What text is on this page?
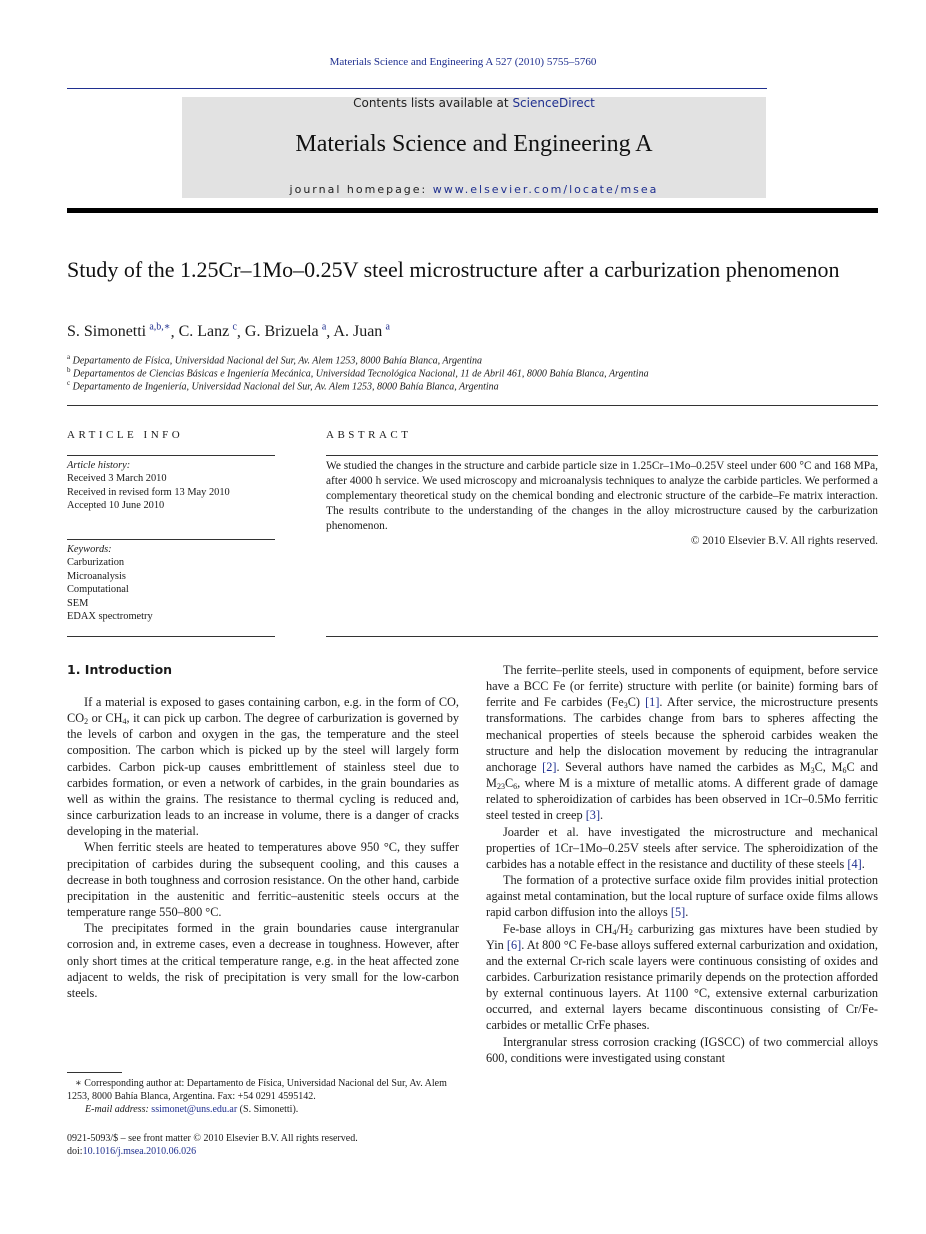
Materials Science and Engineering A 527 (2010) 5755–5760
Contents lists available at ScienceDirect
Materials Science and Engineering A
journal homepage: www.elsevier.com/locate/msea
Study of the 1.25Cr–1Mo–0.25V steel microstructure after a carburization phenomenon
S. Simonetti  $^{a,b,∗}$, C. Lanz  $^c$, G. Brizuela  $^a$, A. Juan  $^a$
$^a$ Departamento de Física, Universidad Nacional del Sur, Av. Alem 1253, 8000 Bahía Blanca, Argentina
$^b$ Departamentos de Ciencias Básicas e Ingeniería Mecánica, Universidad Tecnológica Nacional, 11 de Abril 461, 8000 Bahía Blanca, Argentina
$^c$ Departamento de Ingeniería, Universidad Nacional del Sur, Av. Alem 1253, 8000 Bahía Blanca, Argentina
ARTICLE INFO
Article history:
Received 3 March 2010
Received in revised form 13 May 2010
Accepted 10 June 2010
Keywords:
Carburization
Microanalysis
Computational
SEM
EDAX spectrometry
ABSTRACT
We studied the changes in the structure and carbide particle size in 1.25Cr–1Mo–0.25V steel under 600 °C and 168 MPa, after 4000 h service. We used microscopy and microanalysis techniques to analyze the carbide particles. We performed a complementary theoretical study on the chemical bonding and electronic structure of the carbide–Fe matrix interaction. The results contribute to the understanding of the changes in the alloy microstructure caused by the carburization phenomenon.
© 2010 Elsevier B.V. All rights reserved.
1. Introduction

If a material is exposed to gases containing carbon, e.g. in the form of CO, $CO_2$ or $CH_4$, it can pick up carbon. The degree of carburization is governed by the levels of carbon and oxygen in the gas, the temperature and the steel composition. The carbon which is picked up by the steel will largely form carbides. Carbon pick-up causes embrittlement of stainless steel due to carbides formation, or even a network of carbides, in the grain boundaries as well as within the grains. The resistance to thermal cycling is reduced and, since carburization leads to an increase in volume, there is a danger of cracks developing in the material.

When ferritic steels are heated to temperatures above 950 °C, they suffer precipitation of carbides during the subsequent cooling, and this causes a decrease in both toughness and corrosion resistance. On the other hand, carbide precipitation in the austenitic and ferritic–austenitic steels occurs at the temperature range 550–800 °C.

The precipitates formed in the grain boundaries cause intergranular corrosion and, in extreme cases, even a decrease in toughness. However, after only short times at the critical temperature range, e.g. in the heat affected zone adjacent to welds, the risk of precipitation is very small for the low-carbon steels.

The ferrite–perlite steels, used in components of equipment, before service have a BCC Fe (or ferrite) structure with perlite (or bainite) forming bars of ferrite and Fe carbides $(Fe_3C)$ [1]. After service, the microstructure presents transformations. The carbides change from bars to spheres affecting the mechanical properties of steels because the spheroid carbides weaken the structure and help the dislocation movement by reducing the intragranular anchorage [2]. Several authors have named the carbides as $M_3C$, $M_6C$ and $M_{23}C_6$, where M is a mixture of metallic atoms. A different grade of damage related to spheroidization of carbides has been observed in 1Cr–0.5Mo ferritic steel tested in creep [3].

Joarder et al. have investigated the microstructure and mechanical properties of 1Cr–1Mo–0.25V steels after service. The spheroidization of the carbides has a notable effect in the resistance and ductility of these steels [4].

The formation of a protective surface oxide film provides initial protection against metal contamination, but the local rupture of surface oxide films allows rapid carbon diffusion into the alloys [5].

Fe-base alloys in $CH_4/H_2$ carburizing gas mixtures have been studied by Yin [6]. At 800 °C Fe-base alloys suffered external carburization and oxidation, and the external Cr-rich scale layers were continuous consisting of oxides and carbides. Carburization resistance primarily depends on the protection afforded by external continuous layers. At 1100 °C, extensive external carburization occurred, and external layers became discontinuous consisting of Cr/Fe-carbides or metallic CrFe phases.

Intergranular stress corrosion cracking (IGSCC) of two commercial alloys 600, conditions were investigated using constant

∗ Corresponding author at: Departamento de Física, Universidad Nacional del Sur, Av. Alem 1253, 8000 Bahía Blanca, Argentina. Fax: +54 0291 4595142.
E-mail address: ssimonet@uns.edu.ar (S. Simonetti).
0921-5093/$ – see front matter © 2010 Elsevier B.V. All rights reserved.
doi:10.1016/j.msea.2010.06.026
